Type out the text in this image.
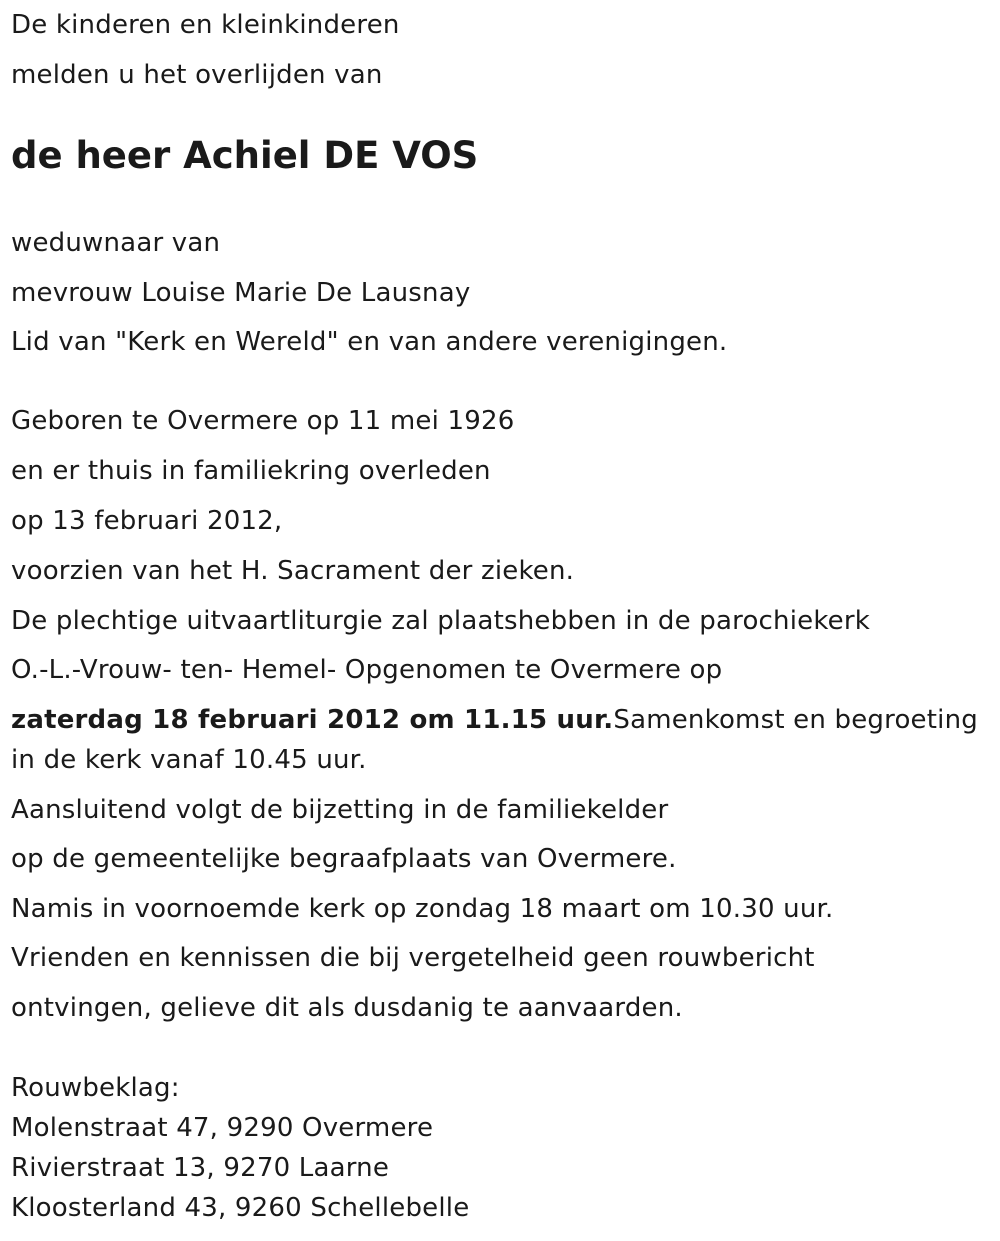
De kinderen en kleinkinderen
melden u het overlijden van
de heer Achiel DE VOS
weduwnaar van
mevrouw Louise Marie De Lausnay
Lid van "Kerk en Wereld" en van andere verenigingen.
Geboren te Overmere op 11 mei 1926
en er thuis in familiekring overleden
op 13 februari 2012,
voorzien van het H. Sacrament der zieken.
De plechtige uitvaartliturgie zal plaatshebben in de parochiekerk
O.-L.-Vrouw- ten- Hemel- Opgenomen te Overmere op
zaterdag 18 februari 2012 om 11.15 uur.Samenkomst en begroeting in de kerk vanaf 10.45 uur.
Aansluitend volgt de bijzetting in de familiekelder
op de gemeentelijke begraafplaats van Overmere.
Namis in voornoemde kerk op zondag 18 maart om 10.30 uur.
Vrienden en kennissen die bij vergetelheid geen rouwbericht
ontvingen, gelieve dit als dusdanig te aanvaarden.
Rouwbeklag:
Molenstraat 47, 9290 Overmere
Rivierstraat 13, 9270 Laarne
Kloosterland 43, 9260 Schellebelle
